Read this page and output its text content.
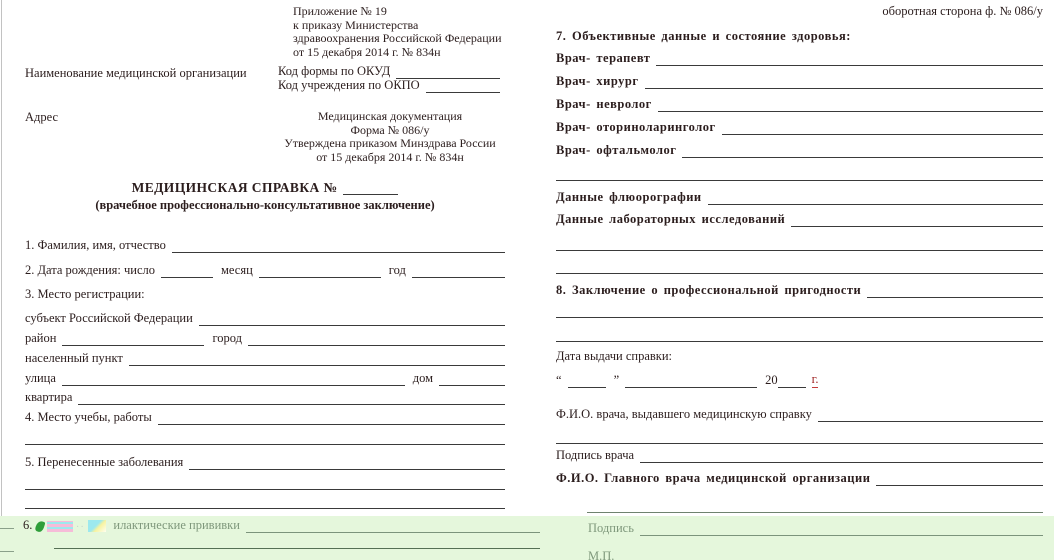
Приложение № 19
к приказу Министерства
здравоохранения Российской Федерации
от 15 декабря 2014 г. № 834н
Наименование медицинской организации	Код формы по ОКУД
Код учреждения по ОКПО
Адрес	Медицинская документация
Форма № 086/у
Утверждена приказом Минздрава России
от 15 декабря 2014 г. № 834н
МЕДИЦИНСКАЯ СПРАВКА №
(врачебное профессионально-консультативное заключение)
1. Фамилия, имя, отчество
2. Дата рождения: число	месяц	год
3. Место регистрации:
субъект Российской Федерации
район	город
населенный пункт
улица	дом
квартира
4. Место учебы, работы
5. Перенесенные заболевания
оборотная сторона ф. № 086/у
7. Объективные данные и состояние здоровья:
Врач- терапевт
Врач- хирург
Врач- невролог
Врач- оториноларинголог
Врач- офтальмолог
Данные флюорографии
Данные лабораторных исследований
8. Заключение о профессиональной пригодности
Дата выдачи справки:
“	”	20	г.
Ф.И.О. врача, выдавшего медицинскую справку
Подпись врача
Ф.И.О. Главного врача медицинской организации
6.	.. илактические прививки	Подпись
М.П.
